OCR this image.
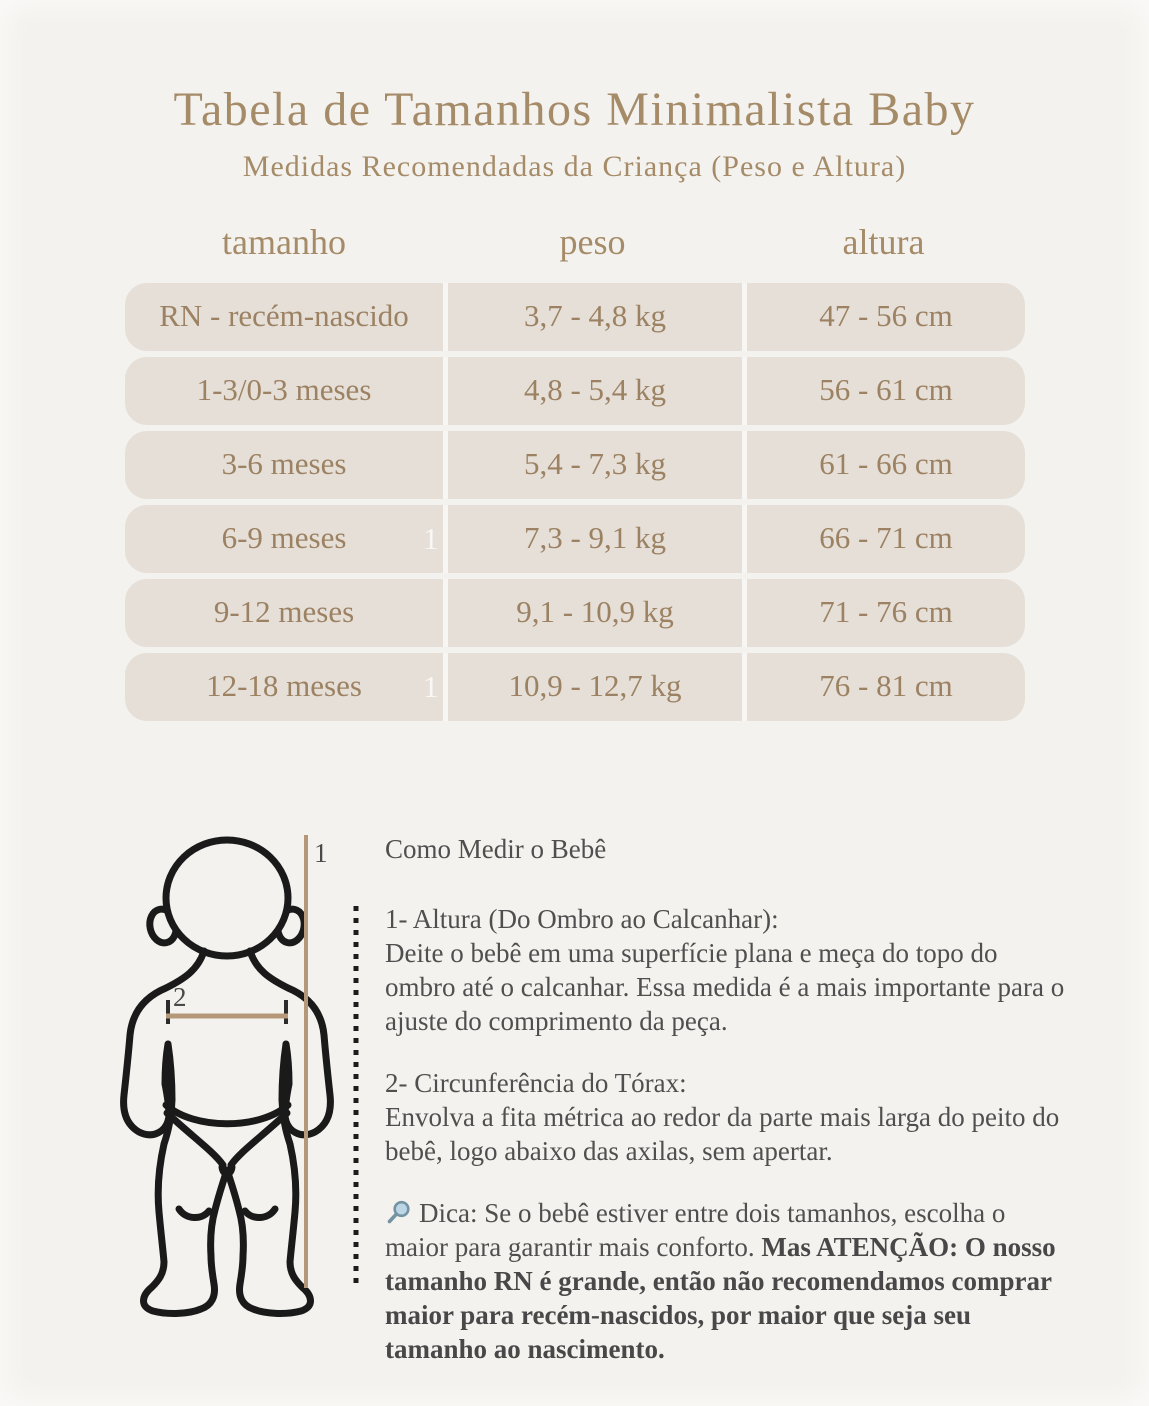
Tabela de Tamanhos Minimalista Baby
Medidas Recomendadas da Criança (Peso e Altura)
tamanho	peso	altura
RN - recém-nascido	3,7 - 4,8 kg	47 - 56 cm
1-3/0-3 meses	4,8 - 5,4 kg	56 - 61 cm
3-6 meses	5,4 - 7,3 kg	61 - 66 cm
1
6-9 meses	7,3 - 9,1 kg	66 - 71 cm
9-12 meses	9,1 - 10,9 kg	71 - 76 cm
1
12-18 meses	10,9 - 12,7 kg	76 - 81 cm
1
2
Como Medir o Bebê
1- Altura (Do Ombro ao Calcanhar):
Deite o bebê em uma superfície plana e meça do topo do ombro até o calcanhar. Essa medida é a mais importante para o ajuste do comprimento da peça.
2- Circunferência do Tórax:
Envolva a fita métrica ao redor da parte mais larga do peito do bebê, logo abaixo das axilas, sem apertar.
Dica: Se o bebê estiver entre dois tamanhos, escolha o maior para garantir mais conforto. Mas ATENÇÃO: O nosso tamanho RN é grande, então não recomendamos comprar maior para recém-nascidos, por maior que seja seu tamanho ao nascimento.
